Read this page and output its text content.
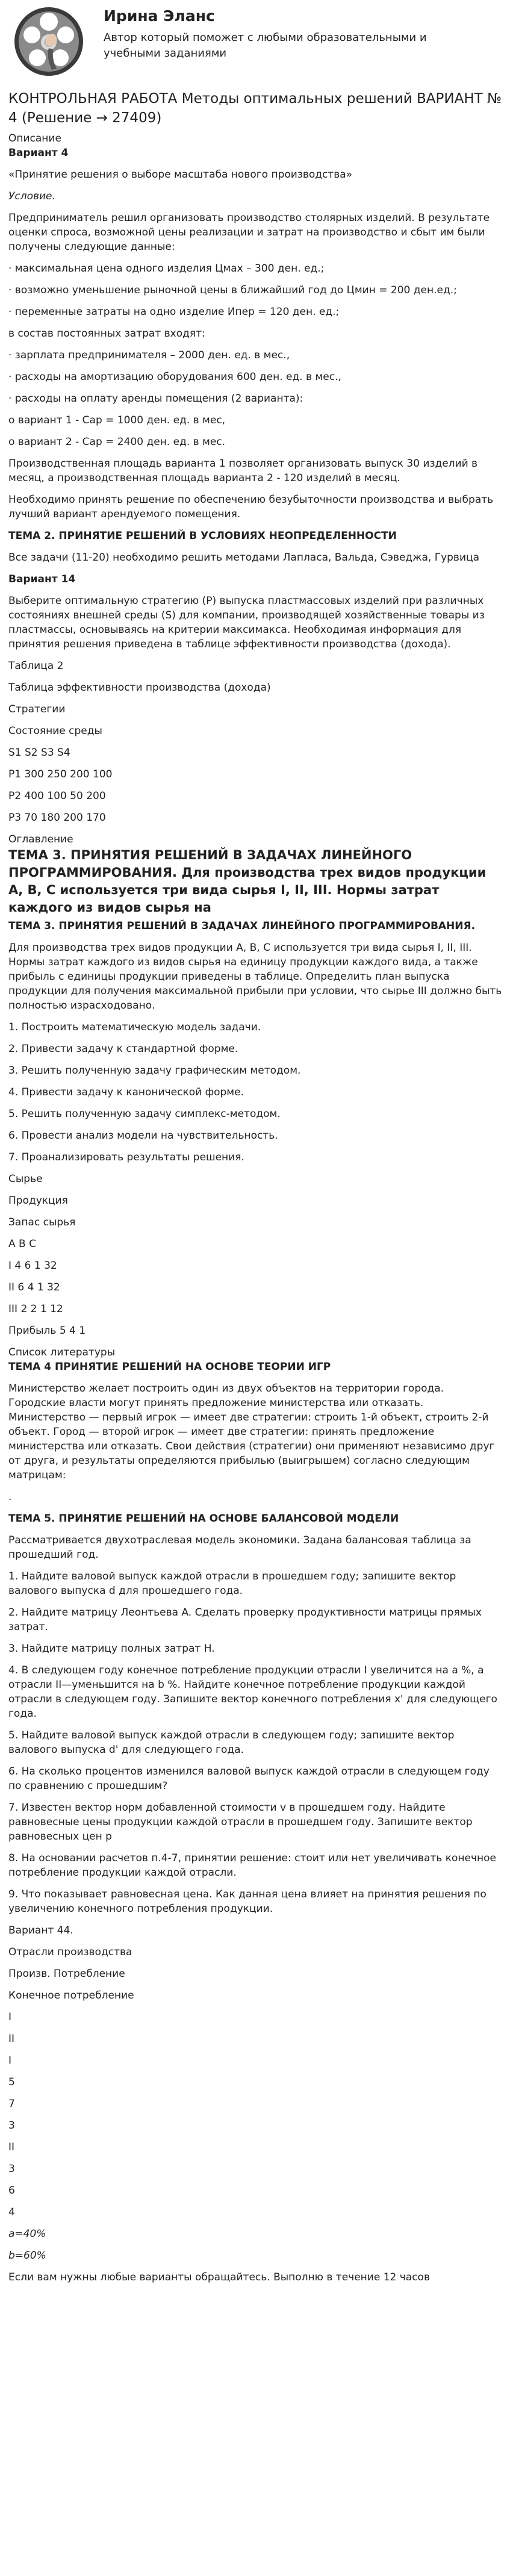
Ирина Эланс
Автор который поможет с любыми образовательными и учебными заданиями
КОНТРОЛЬНАЯ РАБОТА Методы оптимальных решений ВАРИАНТ № 4 (Решение → 27409)

Описание

Вариант 4

«Принятие решения о выборе масштаба нового производства»

Условие.

Предприниматель решил организовать производство столярных изделий. В результате оценки спроса, возможной цены реализации и затрат на производство и сбыт им были получены следующие данные:

· максимальная цена одного изделия Цмах – 300 ден. ед.;

· возможно уменьшение рыночной цены в ближайший год до Цмин = 200 ден.ед.;

· переменные затраты на одно изделие Ипер = 120 ден. ед.;

в состав постоянных затрат входят:

· зарплата предпринимателя – 2000 ден. ед. в мес.,

· расходы на амортизацию оборудования 600 ден. ед. в мес.,

· расходы на оплату аренды помещения (2 варианта):

о вариант 1 - Сар = 1000 ден. ед. в мес,

о вариант 2 - Сар = 2400 ден. ед. в мес.

Производственная площадь варианта 1 позволяет организовать выпуск 30 изделий в месяц, а производственная площадь варианта 2 - 120 изделий в месяц.

Необходимо принять решение по обеспечению безубыточности производства и выбрать лучший вариант арендуемого помещения.

ТЕМА 2. ПРИНЯТИЕ РЕШЕНИЙ В УСЛОВИЯХ НЕОПРЕДЕЛЕННОСТИ

Все задачи (11-20) необходимо решить методами Лапласа, Вальда, Сэведжа, Гурвица

Вариант 14

Выберите оптимальную стратегию (Р) выпуска пластмассовых изделий при различных состояниях внешней среды (S) для компании, производящей хозяйственные товары из пластмассы, основываясь на критерии максимакса. Необходимая информация для принятия решения приведена в таблице эффективности производства (дохода).

Таблица 2

Таблица эффективности производства (дохода)

Стратегии

Состояние среды

S1 S2 S3 S4

P1 300 250 200 100

P2 400 100 50 200

P3 70 180 200 170

Оглавление

ТЕМА 3. ПРИНЯТИЯ РЕШЕНИЙ В ЗАДАЧАХ ЛИНЕЙНОГО ПРОГРАММИРОВАНИЯ. Для производства трех видов продукции А, В, С используется три вида сырья I, II, III. Нормы затрат каждого из видов сырья на

ТЕМА 3. ПРИНЯТИЯ РЕШЕНИЙ В ЗАДАЧАХ ЛИНЕЙНОГО ПРОГРАММИРОВАНИЯ.

Для производства трех видов продукции А, В, С используется три вида сырья I, II, III. Нормы затрат каждого из видов сырья на единицу продукции каждого вида, а также прибыль с единицы продукции приведены в таблице. Определить план выпуска продукции для получения максимальной прибыли при условии, что сырье III должно быть полностью израсходовано.

1. Построить математическую модель задачи.

2. Привести задачу к стандартной форме.

3. Решить полученную задачу графическим методом.

4. Привести задачу к канонической форме.

5. Решить полученную задачу симплекс-методом.

6. Провести анализ модели на чувствительность.

7. Проанализировать результаты решения.

Сырье

Продукция

Запас сырья

А В С

I 4 6 1 32

II 6 4 1 32

III 2 2 1 12

Прибыль 5 4 1

Список литературы

ТЕМА 4 ПРИНЯТИЕ РЕШЕНИЙ НА ОСНОВЕ ТЕОРИИ ИГР

Министерство желает построить один из двух объектов на территории города. Городские власти могут принять предложение министерства или отказать. Министерство — первый игрок — имеет две стратегии: строить 1-й объект, строить 2-й объект. Город — второй игрок — имеет две стратегии: принять предложение министерства или отказать. Свои действия (стратегии) они применяют независимо друг от друга, и результаты определяются прибылью (выигрышем) согласно следующим матрицам:

.

ТЕМА 5. ПРИНЯТИЕ РЕШЕНИЙ НА ОСНОВЕ БАЛАНСОВОЙ МОДЕЛИ

Рассматривается двухотраслевая модель экономики. Задана балансовая таблица за прошедший год.

1. Найдите валовой выпуск каждой отрасли в прошедшем году; запишите вектор валового выпуска d для прошедшего года.

2. Найдите матрицу Леонтьева A. Сделать проверку продуктивности матрицы прямых затрат.

3. Найдите матрицу полных затрат H.

4. В следующем году конечное потребление продукции отрасли I увеличится на а %, а отрасли II—уменьшится на b %. Найдите конечное потребление продукции каждой отрасли в следующем году. Запишите вектор конечного потребления x' для следующего года.

5. Найдите валовой выпуск каждой отрасли в следующем году; запишите вектор валового выпуска d' для следующего года.

6. На сколько процентов изменился валовой выпуск каждой отрасли в следующем году по сравнению с прошедшим?

7. Известен вектор норм добавленной стоимости v в прошедшем году. Найдите равновесные цены продукции каждой отрасли в прошедшем году. Запишите вектор равновесных цен p

8. На основании расчетов п.4-7, принятии решение: стоит или нет увеличивать конечное потребление продукции каждой отрасли.

9. Что показывает равновесная цена. Как данная цена влияет на принятия решения по увеличению конечного потребления продукции.

Вариант 44.

Отрасли производства

Произв. Потребление

Конечное потребление

I

II

I

5

7

3

II

3

6

4

a=40%

b=60%

Если вам нужны любые варианты обращайтесь. Выполню в течение 12 часов
